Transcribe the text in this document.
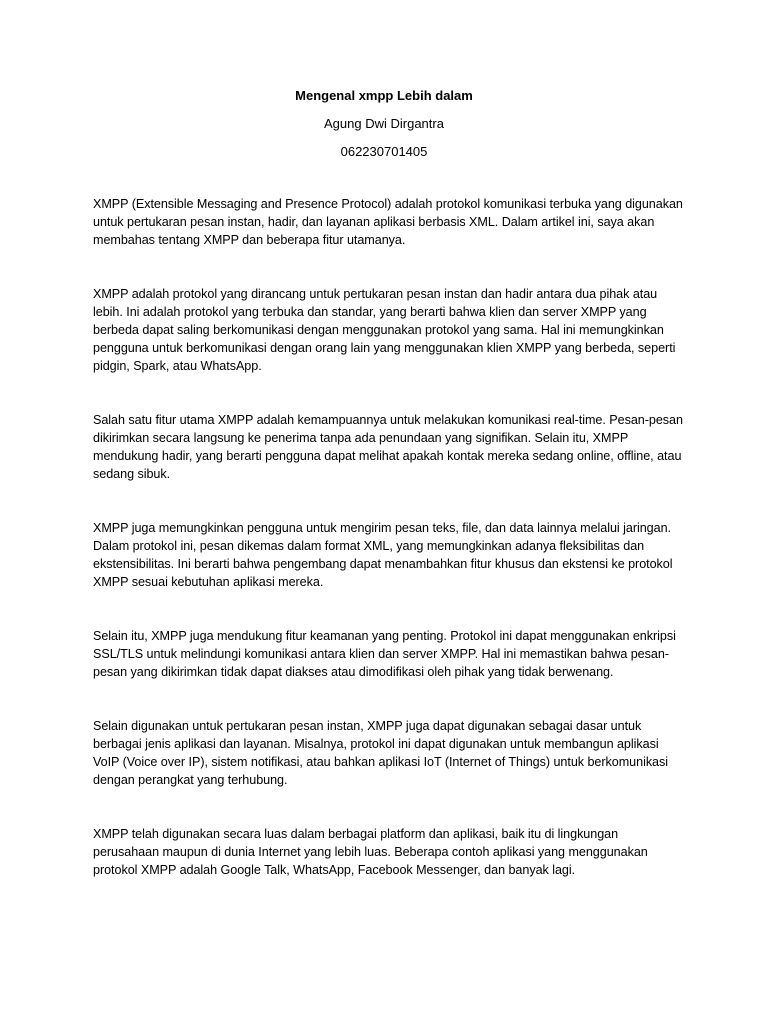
Mengenal xmpp Lebih dalam

Agung Dwi Dirgantra

062230701405

XMPP (Extensible Messaging and Presence Protocol) adalah protokol komunikasi terbuka yang digunakan untuk pertukaran pesan instan, hadir, dan layanan aplikasi berbasis XML. Dalam artikel ini, saya akan membahas tentang XMPP dan beberapa fitur utamanya.

XMPP adalah protokol yang dirancang untuk pertukaran pesan instan dan hadir antara dua pihak atau lebih. Ini adalah protokol yang terbuka dan standar, yang berarti bahwa klien dan server XMPP yang berbeda dapat saling berkomunikasi dengan menggunakan protokol yang sama. Hal ini memungkinkan pengguna untuk berkomunikasi dengan orang lain yang menggunakan klien XMPP yang berbeda, seperti pidgin, Spark, atau WhatsApp.

Salah satu fitur utama XMPP adalah kemampuannya untuk melakukan komunikasi real-time. Pesan-pesan dikirimkan secara langsung ke penerima tanpa ada penundaan yang signifikan. Selain itu, XMPP mendukung hadir, yang berarti pengguna dapat melihat apakah kontak mereka sedang online, offline, atau sedang sibuk.

XMPP juga memungkinkan pengguna untuk mengirim pesan teks, file, dan data lainnya melalui jaringan. Dalam protokol ini, pesan dikemas dalam format XML, yang memungkinkan adanya fleksibilitas dan ekstensibilitas. Ini berarti bahwa pengembang dapat menambahkan fitur khusus dan ekstensi ke protokol XMPP sesuai kebutuhan aplikasi mereka.

Selain itu, XMPP juga mendukung fitur keamanan yang penting. Protokol ini dapat menggunakan enkripsi SSL/TLS untuk melindungi komunikasi antara klien dan server XMPP. Hal ini memastikan bahwa pesan-pesan yang dikirimkan tidak dapat diakses atau dimodifikasi oleh pihak yang tidak berwenang.

Selain digunakan untuk pertukaran pesan instan, XMPP juga dapat digunakan sebagai dasar untuk berbagai jenis aplikasi dan layanan. Misalnya, protokol ini dapat digunakan untuk membangun aplikasi VoIP (Voice over IP), sistem notifikasi, atau bahkan aplikasi IoT (Internet of Things) untuk berkomunikasi dengan perangkat yang terhubung.

XMPP telah digunakan secara luas dalam berbagai platform dan aplikasi, baik itu di lingkungan perusahaan maupun di dunia Internet yang lebih luas. Beberapa contoh aplikasi yang menggunakan protokol XMPP adalah Google Talk, WhatsApp, Facebook Messenger, dan banyak lagi.
